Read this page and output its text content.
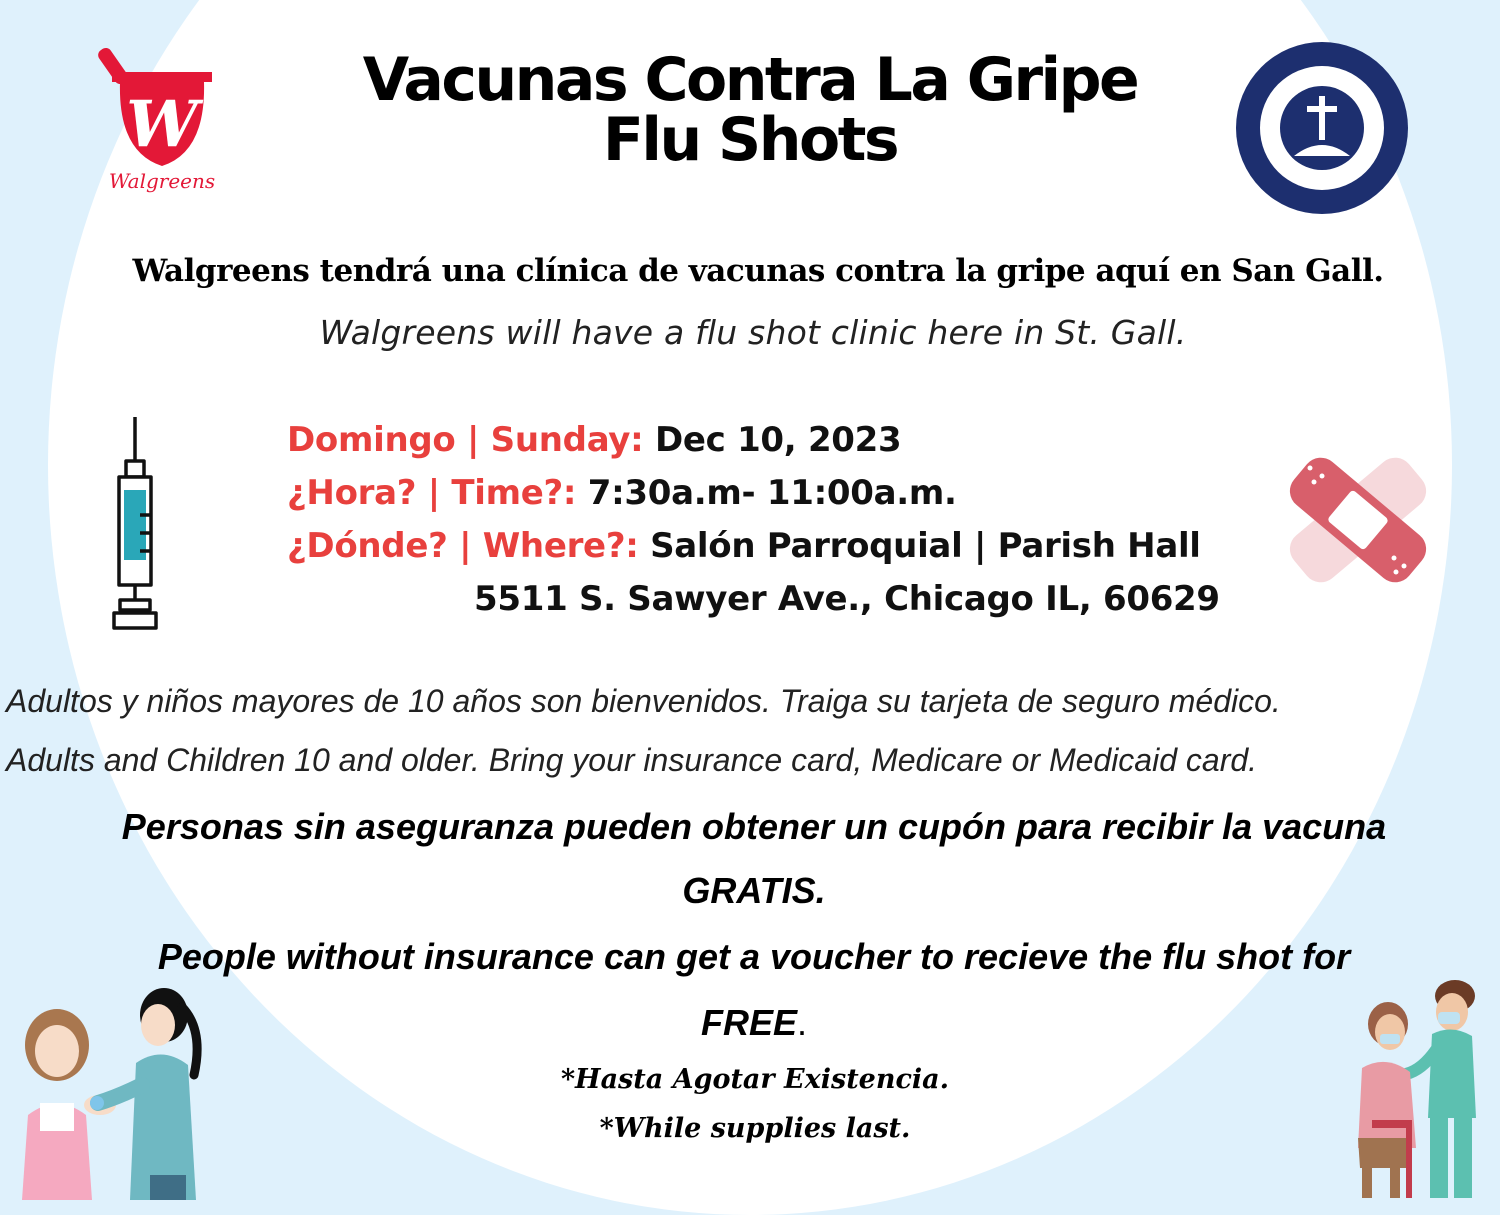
W
Walgreens
Vacunas Contra La Gripe
Flu Shots
Walgreens tendrá una clínica de vacunas contra la gripe aquí en San Gall.
Walgreens will have a flu shot clinic here in St. Gall.
Domingo | Sunday: Dec 10, 2023
¿Hora? | Time?: 7:30a.m- 11:00a.m.
¿Dónde? | Where?: Salón Parroquial | Parish Hall
5511 S. Sawyer Ave., Chicago IL, 60629
Adultos y niños mayores de 10 años son bienvenidos. Traiga su tarjeta de seguro médico.
Adults and Children 10 and older. Bring your insurance card, Medicare or Medicaid card.
Personas sin aseguranza pueden obtener un cupón para recibir la vacuna
GRATIS.
People without insurance can get a voucher to recieve the flu shot for
FREE.
*Hasta Agotar Existencia.
*While supplies last.
